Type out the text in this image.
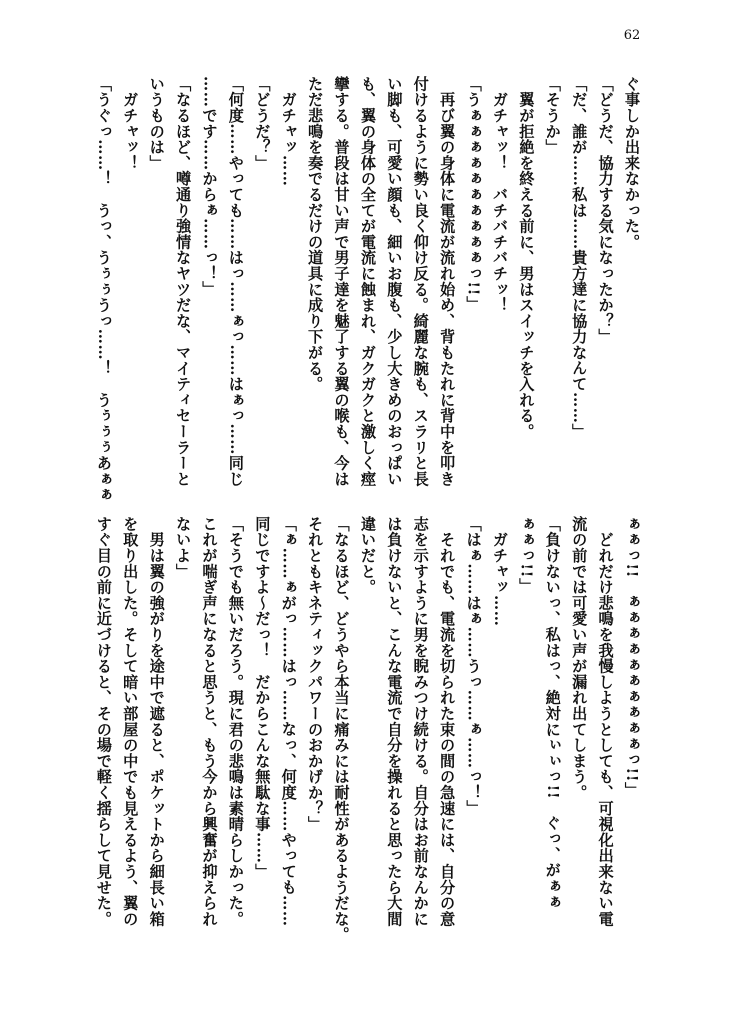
62
ぐ事しか出来なかった。
「どうだ、協力する気になったか？」
「だ、誰が……私は……貴方達に協力なんて……」
「そうか」
　翼が拒絶を終える前に、男はスイッチを入れる。
　ガチャッ！　バチバチバチッ！
「うぁぁぁぁぁぁぁぁぁぁっ!!」
　再び翼の身体に電流が流れ始め、背もたれに背中を叩き
付けるように勢い良く仰け反る。綺麗な腕も、スラリと長
い脚も、可愛い顔も、細いお腹も、少し大きめのおっぱい
も、翼の身体の全てが電流に蝕まれ、ガクガクと激しく痙
攣する。普段は甘い声で男子達を魅了する翼の喉も、今は
ただ悲鳴を奏でるだけの道具に成り下がる。
　ガチャッ……
「どうだ？」
「何度……やっても……はっ……ぁっ……はぁっ……同じ
……です……からぁ……っ！」
「なるほど、噂通り強情なヤツだな、マイティセーラーと
いうものは」
　ガチャッ！
「うぐっ……！　うっ、うぅぅうっ……！　うぅぅぅあぁぁ
ぁぁっ!!　ぁぁぁぁぁぁぁぁぁぁっ!!」
　どれだけ悲鳴を我慢しようとしても、可視化出来ない電
流の前では可愛い声が漏れ出てしまう。
「負けないっ、私はっ、絶対にぃぃっ!!　ぐっ、がぁぁ
ぁぁっ!!」
　ガチャッ……
「はぁ……はぁ……うっ……ぁ……っ！」
　それでも、電流を切られた束の間の急速には、自分の意
志を示すように男を睨みつけ続ける。自分はお前なんかに
は負けないと、こんな電流で自分を操れると思ったら大間
違いだと。
「なるほど、どうやら本当に痛みには耐性があるようだな。
それともキネティックパワーのおかげか？」
「ぁ……ぁがっ……はっ……なっ、何度……やっても……
同じですよ～だっ！　だからこんな無駄な事……」
「そうでも無いだろう。現に君の悲鳴は素晴らしかった。
これが喘ぎ声になると思うと、もう今から興奮が抑えられ
ないよ」
　男は翼の強がりを途中で遮ると、ポケットから細長い箱
を取り出した。そして暗い部屋の中でも見えるよう、翼の
すぐ目の前に近づけると、その場で軽く揺らして見せた。
